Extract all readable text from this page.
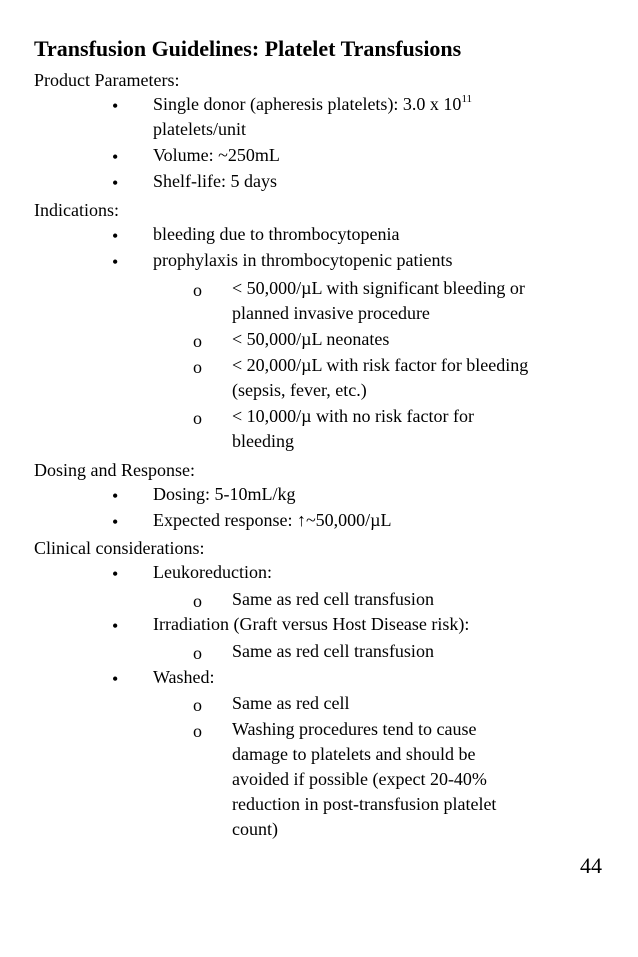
Transfusion Guidelines: Platelet Transfusions
Product Parameters:
• Single donor (apheresis platelets): 3.0 x $10^{11}$
platelets/unit
• Volume: ~250mL
• Shelf-life: 5 days
Indications:
• bleeding due to thrombocytopenia
• prophylaxis in thrombocytopenic patients
o < 50,000/µL with significant bleeding or
planned invasive procedure
o < 50,000/µL neonates
o < 20,000/µL with risk factor for bleeding
(sepsis, fever, etc.)
o < 10,000/µ with no risk factor for
bleeding
Dosing and Response:
• Dosing: 5-10mL/kg
• Expected response: ↑~50,000/µL
Clinical considerations:
• Leukoreduction:
o Same as red cell transfusion
• Irradiation (Graft versus Host Disease risk):
o Same as red cell transfusion
• Washed:
o Same as red cell
o Washing procedures tend to cause
damage to platelets and should be
avoided if possible (expect 20-40%
reduction in post-transfusion platelet
count)
44
